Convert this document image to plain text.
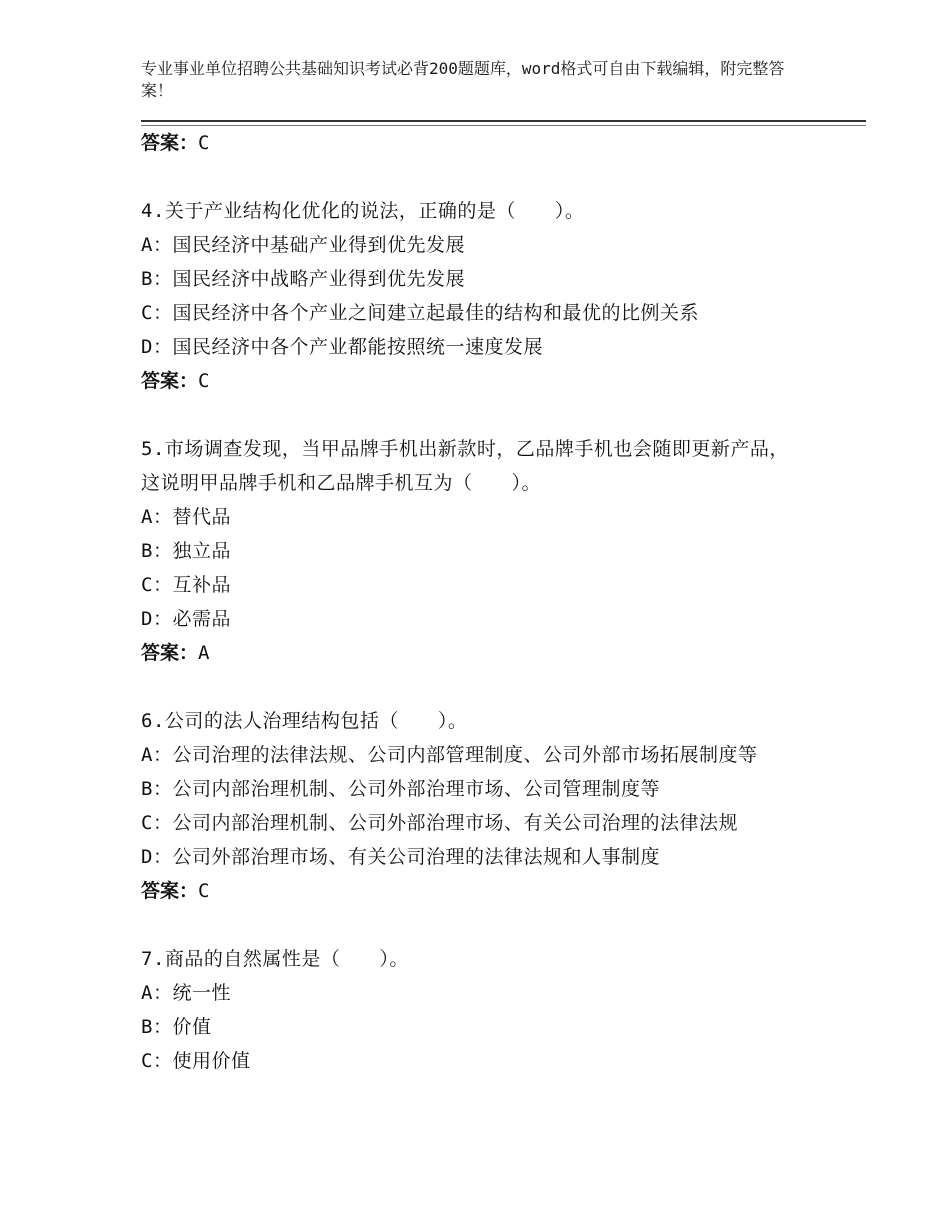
专业事业单位招聘公共基础知识考试必背200题题库，word格式可自由下载编辑，附完整答案！
答案：C
4.关于产业结构化优化的说法，正确的是（　　）。
A：国民经济中基础产业得到优先发展
B：国民经济中战略产业得到优先发展
C：国民经济中各个产业之间建立起最佳的结构和最优的比例关系
D：国民经济中各个产业都能按照统一速度发展
答案：C
5.市场调查发现，当甲品牌手机出新款时，乙品牌手机也会随即更新产品，这说明甲品牌手机和乙品牌手机互为（　　）。
A：替代品
B：独立品
C：互补品
D：必需品
答案：A
6.公司的法人治理结构包括（　　）。
A：公司治理的法律法规、公司内部管理制度、公司外部市场拓展制度等
B：公司内部治理机制、公司外部治理市场、公司管理制度等
C：公司内部治理机制、公司外部治理市场、有关公司治理的法律法规
D：公司外部治理市场、有关公司治理的法律法规和人事制度
答案：C
7.商品的自然属性是（　　）。
A：统一性
B：价值
C：使用价值
